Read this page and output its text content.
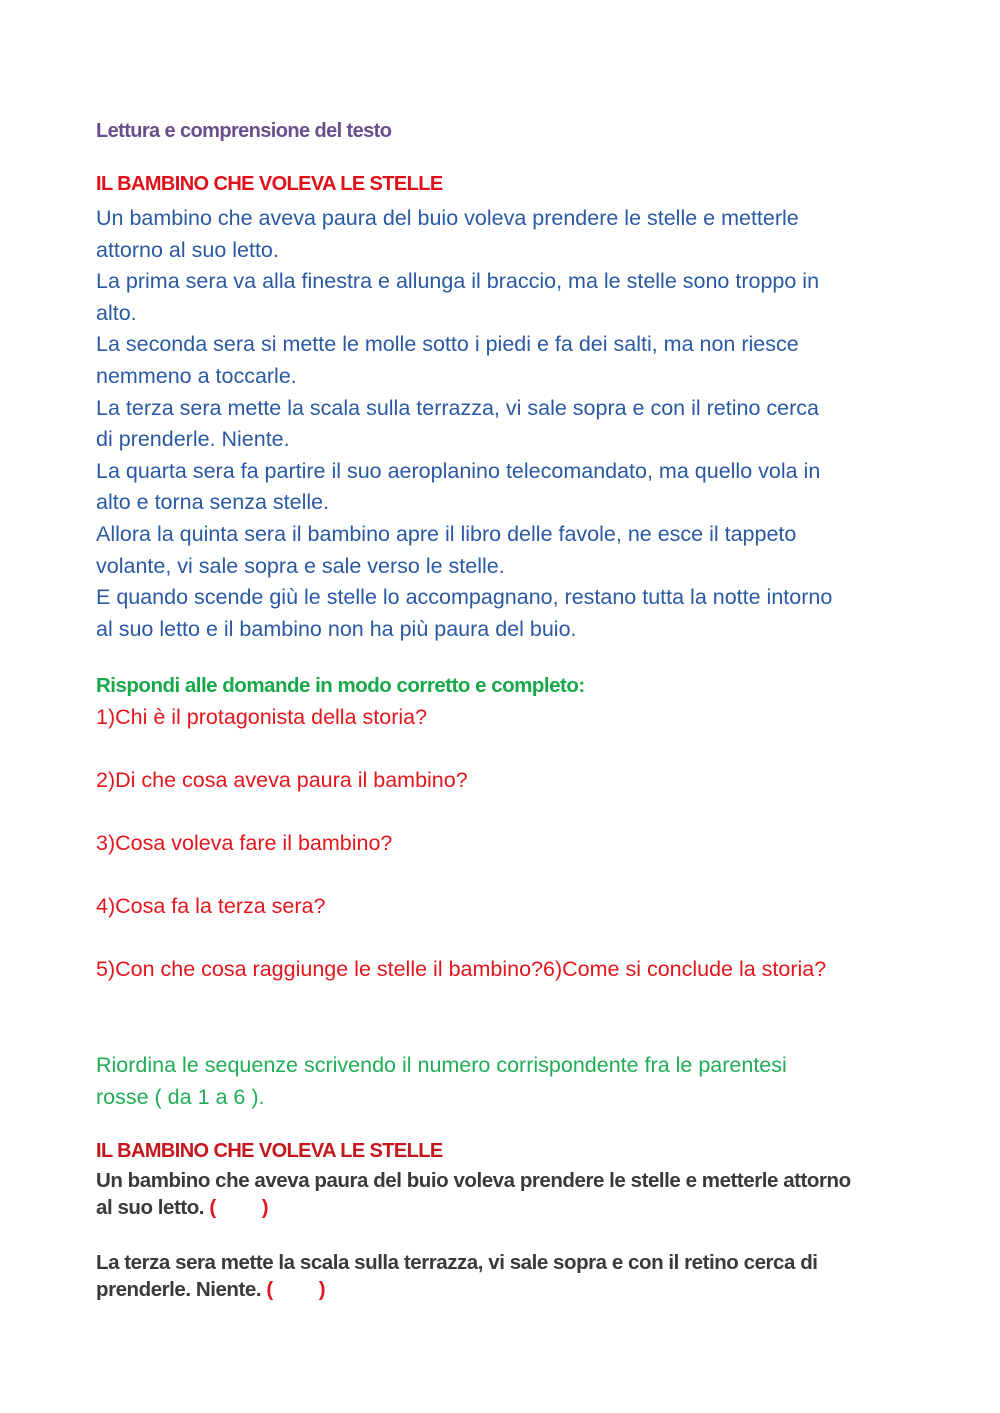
Lettura e comprensione del testo
IL BAMBINO CHE VOLEVA LE STELLE
Un bambino che aveva paura del buio voleva prendere le stelle e metterle
attorno al suo letto.
La prima sera va alla finestra e allunga il braccio, ma le stelle sono troppo in
alto.
La seconda sera si mette le molle sotto i piedi e fa dei salti, ma non riesce
nemmeno a toccarle.
La terza sera mette la scala sulla terrazza, vi sale sopra e con il retino cerca
di prenderle. Niente.
La quarta sera fa partire il suo aeroplanino telecomandato, ma quello vola in
alto e torna senza stelle.
Allora la quinta sera il bambino apre il libro delle favole, ne esce il tappeto
volante, vi sale sopra e sale verso le stelle.
E quando scende giù le stelle lo accompagnano, restano tutta la notte intorno
al suo letto e il bambino non ha più paura del buio.
Rispondi alle domande in modo corretto e completo:
1)Chi è il protagonista della storia?
2)Di che cosa aveva paura il bambino?
3)Cosa voleva fare il bambino?
4)Cosa fa la terza sera?
5)Con che cosa raggiunge le stelle il bambino?6)Come si conclude la storia?
Riordina le sequenze scrivendo il numero corrispondente fra le parentesi
rosse ( da 1 a 6 ).
IL BAMBINO CHE VOLEVA LE STELLE
Un bambino che aveva paura del buio voleva prendere le stelle e metterle attorno
al suo letto. ( )
La terza sera mette la scala sulla terrazza, vi sale sopra e con il retino cerca di
prenderle. Niente. ( )
